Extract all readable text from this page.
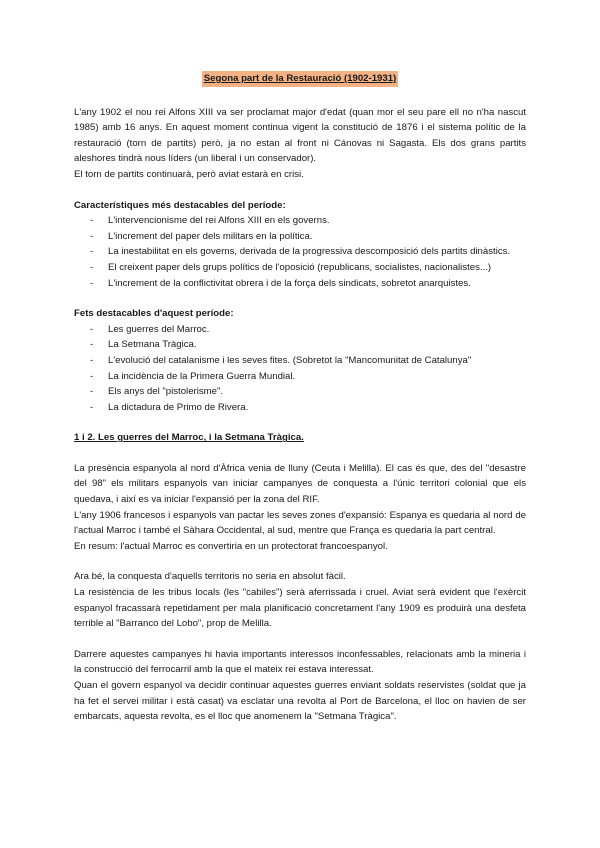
Segona part de la Restauració (1902-1931)

L'any 1902 el nou rei Alfons XIII va ser proclamat major d'edat (quan mor el seu pare ell no n'ha nascut 1985) amb 16 anys. En aquest moment continua vigent la constitució de 1876 i el sistema polític de la restauració (torn de partits) però, ja no estan al front ni Cánovas ni Sagasta. Els dos grans partits aleshores tindrà nous líders (un liberal i un conservador).

El torn de partits continuarà, però aviat estarà en crisi.

Característiques més destacables del període:

- L'intervencionisme del rei Alfons XIII en els governs.
- L'increment del paper dels militars en la política.
- La inestabilitat en els governs, derivada de la progressiva descomposició dels partits dinàstics.
- El creixent paper dels grups polítics de l'oposició (republicans, socialistes, nacionalistes...)
- L'increment de la conflictivitat obrera i de la força dels sindicats, sobretot anarquistes.

Fets destacables d'aquest període:

- Les guerres del Marroc.
- La Setmana Tràgica.
- L'evolució del catalanisme i les seves fites. (Sobretot la "Mancomunitat de Catalunya"
- La incidència de la Primera Guerra Mundial.
- Els anys del "pistolerisme".
- La dictadura de Primo de Rivera.

1 i 2. Les guerres del Marroc, i la Setmana Tràgica.

La presència espanyola al nord d'Àfrica venia de lluny (Ceuta i Melilla). El cas és que, des del "desastre del 98" els militars espanyols van iniciar campanyes de conquesta a l'únic territori colonial que els quedava, i així es va iniciar l'expansió per la zona del RIF.

L'any 1906 francesos i espanyols van pactar les seves zones d'expansió: Espanya es quedaria al nord de l'actual Marroc i també el Sàhara Occidental, al sud, mentre que França es quedaria la part central.

En resum: l'actual Marroc es convertiria en un protectorat francoespanyol.

Ara bé, la conquesta d'aquells territoris no seria en absolut fàcil.

La resistència de les tribus locals (les "cabiles") serà aferrissada i cruel. Aviat serà evident que l'exèrcit espanyol fracassarà repetidament per mala planificació concretament l'any 1909 es produirà una desfeta terrible al "Barranco del Lobo", prop de Melilla.

Darrere aquestes campanyes hi havia importants interessos inconfessables, relacionats amb la mineria i la construcció del ferrocarril amb la que el mateix rei estava interessat.

Quan el govern espanyol va decidir continuar aquestes guerres enviant soldats reservistes (soldat que ja ha fet el servei militar i està casat) va esclatar una revolta al Port de Barcelona, el lloc on havien de ser embarcats, aquesta revolta, es el lloc que anomenem la "Setmana Tràgica".
